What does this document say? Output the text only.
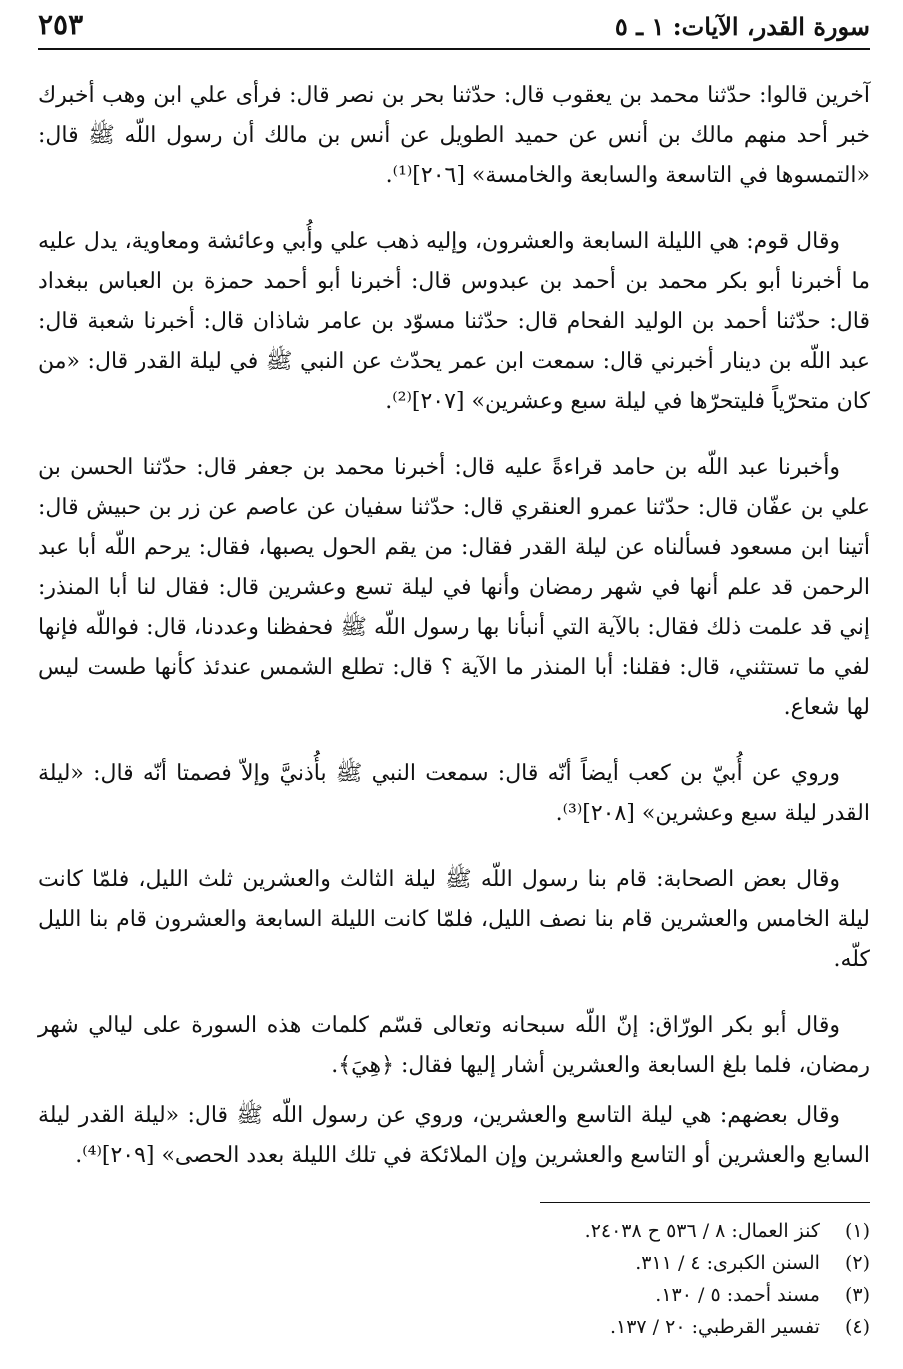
سورة القدر، الآيات: ١ ـ ٥
٢٥٣

آخرين قالوا: حدّثنا محمد بن يعقوب قال: حدّثنا بحر بن نصر قال: فرأى علي ابن وهب أخبرك خبر أحد منهم مالك بن أنس عن حميد الطويل عن أنس بن مالك أن رسول اللّه ﷺ قال: «التمسوها في التاسعة والسابعة والخامسة» [٢٠٦]⁽¹⁾.

وقال قوم: هي الليلة السابعة والعشرون، وإليه ذهب علي وأُبي وعائشة ومعاوية، يدل عليه ما أخبرنا أبو بكر محمد بن أحمد بن عبدوس قال: أخبرنا أبو أحمد حمزة بن العباس ببغداد قال: حدّثنا أحمد بن الوليد الفحام قال: حدّثنا مسوّد بن عامر شاذان قال: أخبرنا شعبة قال: عبد اللّه بن دينار أخبرني قال: سمعت ابن عمر يحدّث عن النبي ﷺ في ليلة القدر قال: «من كان متحرّياً فليتحرّها في ليلة سبع وعشرين» [٢٠٧]⁽²⁾.

وأخبرنا عبد اللّه بن حامد قراءةً عليه قال: أخبرنا محمد بن جعفر قال: حدّثنا الحسن بن علي بن عفّان قال: حدّثنا عمرو العنقري قال: حدّثنا سفيان عن عاصم عن زر بن حبيش قال: أتينا ابن مسعود فسألناه عن ليلة القدر فقال: من يقم الحول يصبها، فقال: يرحم اللّه أبا عبد الرحمن قد علم أنها في شهر رمضان وأنها في ليلة تسع وعشرين قال: فقال لنا أبا المنذر: إني قد علمت ذلك فقال: بالآية التي أنبأنا بها رسول اللّه ﷺ فحفظنا وعددنا، قال: فواللّه فإنها لفي ما تستثني، قال: فقلنا: أبا المنذر ما الآية ؟ قال: تطلع الشمس عندئذ كأنها طست ليس لها شعاع.

وروي عن أُبيّ بن كعب أيضاً أنّه قال: سمعت النبي ﷺ بأُذنيَّ وإلاّ فصمتا أنّه قال: «ليلة القدر ليلة سبع وعشرين» [٢٠٨]⁽³⁾.

وقال بعض الصحابة: قام بنا رسول اللّه ﷺ ليلة الثالث والعشرين ثلث الليل، فلمّا كانت ليلة الخامس والعشرين قام بنا نصف الليل، فلمّا كانت الليلة السابعة والعشرون قام بنا الليل كلّه.

وقال أبو بكر الورّاق: إنّ اللّه سبحانه وتعالى قسّم كلمات هذه السورة على ليالي شهر رمضان، فلما بلغ السابعة والعشرين أشار إليها فقال: ﴿هِيَ﴾.

وقال بعضهم: هي ليلة التاسع والعشرين، وروي عن رسول اللّه ﷺ قال: «ليلة القدر ليلة السابع والعشرين أو التاسع والعشرين وإن الملائكة في تلك الليلة بعدد الحصى» [٢٠٩]⁽⁴⁾.

(١) كنز العمال: ٨ / ٥٣٦ ح ٢٤٠٣٨.
(٢) السنن الكبرى: ٤ / ٣١١.
(٣) مسند أحمد: ٥ / ١٣٠.
(٤) تفسير القرطبي: ٢٠ / ١٣٧.
